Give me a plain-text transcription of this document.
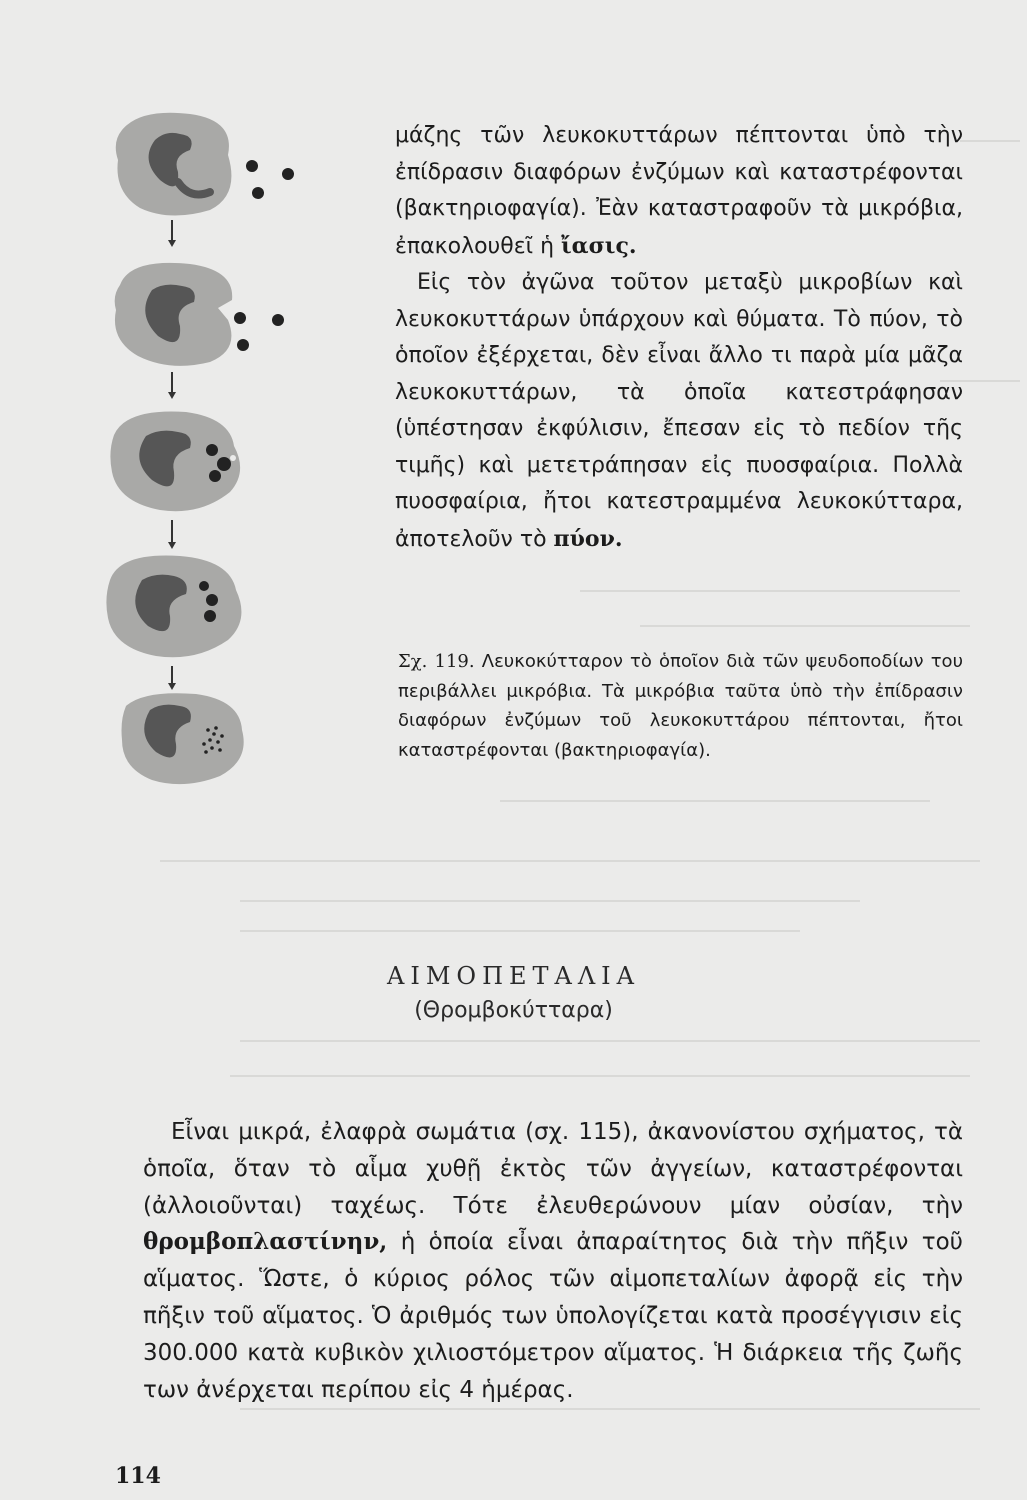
μάζης τῶν λευκοκυττάρων πέπτονται ὑπὸ τὴν ἐπίδρασιν διαφόρων ἐνζύμων καὶ καταστρέφονται (βακτηριοφαγία). Ἐὰν καταστραφοῦν τὰ μικρόβια, ἐπακολουθεῖ ἡ ἴασις.

Εἰς τὸν ἀγῶνα τοῦτον μεταξὺ μικροβίων καὶ λευκοκυττάρων ὑπάρχουν καὶ θύματα. Τὸ πύον, τὸ ὁποῖον ἐξέρχεται, δὲν εἶναι ἄλλο τι παρὰ μία μᾶζα λευκοκυττάρων, τὰ ὁποῖα κατεστράφησαν (ὑπέστησαν ἐκφύλισιν, ἔπεσαν εἰς τὸ πεδίον τῆς τιμῆς) καὶ μετετράπησαν εἰς πυοσφαίρια. Πολλὰ πυοσφαίρια, ἤτοι κατεστραμμένα λευκοκύτταρα, ἀποτελοῦν τὸ πύον.

Σχ. 119. Λευκοκύτταρον τὸ ὁποῖον διὰ τῶν ψευδοποδίων του περιβάλλει μικρόβια. Τὰ μικρόβια ταῦτα ὑπὸ τὴν ἐπίδρασιν διαφόρων ἐνζύμων τοῦ λευκοκυττάρου πέπτονται, ἤτοι καταστρέφονται (βακτηριοφαγία).
ΑΙΜΟΠΕΤΑΛΙΑ
(Θρομβοκύτταρα)
Εἶναι μικρά, ἐλαφρὰ σωμάτια (σχ. 115), ἀκανονίστου σχήματος, τὰ ὁποῖα, ὅταν τὸ αἷμα χυθῇ ἐκτὸς τῶν ἀγγείων, καταστρέφονται (ἀλλοιοῦνται) ταχέως. Τότε ἐλευθερώνουν μίαν οὐσίαν, τὴν θρομβοπλαστίνην, ἡ ὁποία εἶναι ἀπαραίτητος διὰ τὴν πῆξιν τοῦ αἵματος. Ὥστε, ὁ κύριος ρόλος τῶν αἱμοπεταλίων ἀφορᾷ εἰς τὴν πῆξιν τοῦ αἵματος. Ὁ ἀριθμός των ὑπολογίζεται κατὰ προσέγγισιν εἰς 300.000 κατὰ κυβικὸν χιλιοστόμετρον αἵματος. Ἡ διάρκεια τῆς ζωῆς των ἀνέρχεται περίπου εἰς 4 ἡμέρας.
114
